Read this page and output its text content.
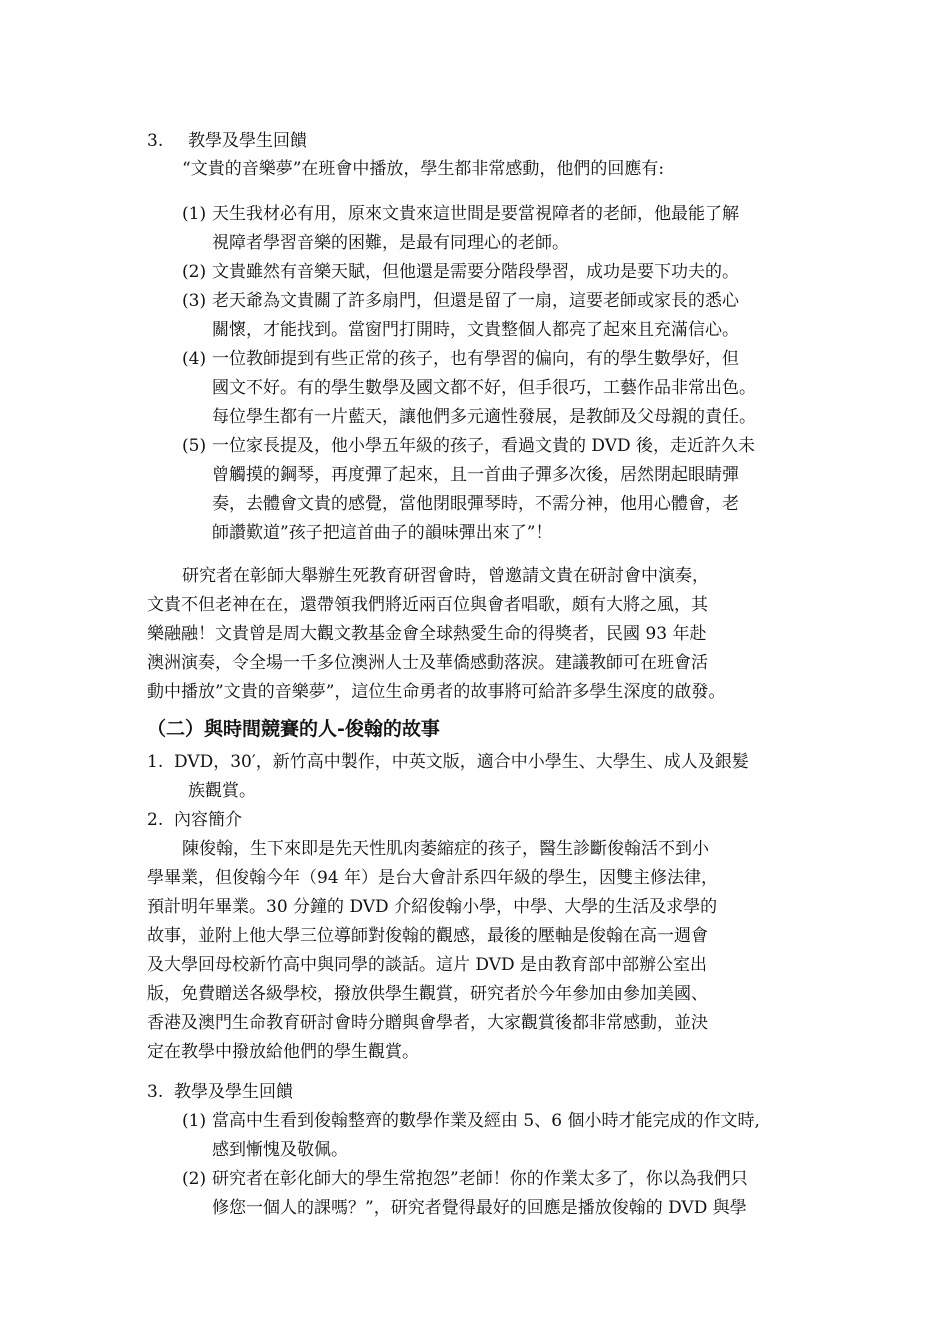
3. 教學及學生回饋
“文貴的音樂夢”在班會中播放，學生都非常感動，他們的回應有:
(1) 天生我材必有用，原來文貴來這世間是要當視障者的老師，他最能了解
視障者學習音樂的困難，是最有同理心的老師。
(2) 文貴雖然有音樂天賦，但他還是需要分階段學習，成功是要下功夫的。
(3) 老天爺為文貴關了許多扇門，但還是留了一扇，這要老師或家長的悉心
關懷，才能找到。當窗門打開時，文貴整個人都亮了起來且充滿信心。
(4) 一位教師提到有些正常的孩子，也有學習的偏向，有的學生數學好，但
國文不好。有的學生數學及國文都不好，但手很巧，工藝作品非常出色。
每位學生都有一片藍天，讓他們多元適性發展，是教師及父母親的責任。
(5) 一位家長提及，他小學五年級的孩子，看過文貴的 DVD 後，走近許久未
曾觸摸的鋼琴，再度彈了起來，且一首曲子彈多次後，居然閉起眼睛彈
奏，去體會文貴的感覺，當他閉眼彈琴時，不需分神，他用心體會，老
師讚歎道”孩子把這首曲子的韻味彈出來了”！
研究者在彰師大舉辦生死教育研習會時，曾邀請文貴在研討會中演奏，
文貴不但老神在在，還帶領我們將近兩百位與會者唱歌，頗有大將之風，其
樂融融！文貴曾是周大觀文教基金會全球熱愛生命的得獎者，民國 93 年赴
澳洲演奏，令全場一千多位澳洲人士及華僑感動落淚。建議教師可在班會活
動中播放”文貴的音樂夢”，這位生命勇者的故事將可給許多學生深度的啟發。
（二）與時間競賽的人-俊翰的故事
1. DVD，30′，新竹高中製作，中英文版，適合中小學生、大學生、成人及銀髮
族觀賞。
2. 內容簡介
陳俊翰，生下來即是先天性肌肉萎縮症的孩子，醫生診斷俊翰活不到小
學畢業，但俊翰今年（94 年）是台大會計系四年級的學生，因雙主修法律，
預計明年畢業。30 分鐘的 DVD 介紹俊翰小學，中學、大學的生活及求學的
故事，並附上他大學三位導師對俊翰的觀感，最後的壓軸是俊翰在高一週會
及大學回母校新竹高中與同學的談話。這片 DVD 是由教育部中部辦公室出
版，免費贈送各級學校，撥放供學生觀賞，研究者於今年參加由參加美國、
香港及澳門生命教育研討會時分贈與會學者，大家觀賞後都非常感動，並決
定在教學中撥放給他們的學生觀賞。
3. 教學及學生回饋
(1) 當高中生看到俊翰整齊的數學作業及經由 5、6 個小時才能完成的作文時,
感到慚愧及敬佩。
(2) 研究者在彰化師大的學生常抱怨”老師！你的作業太多了，你以為我們只
修您一個人的課嗎？”，研究者覺得最好的回應是播放俊翰的 DVD 與學
